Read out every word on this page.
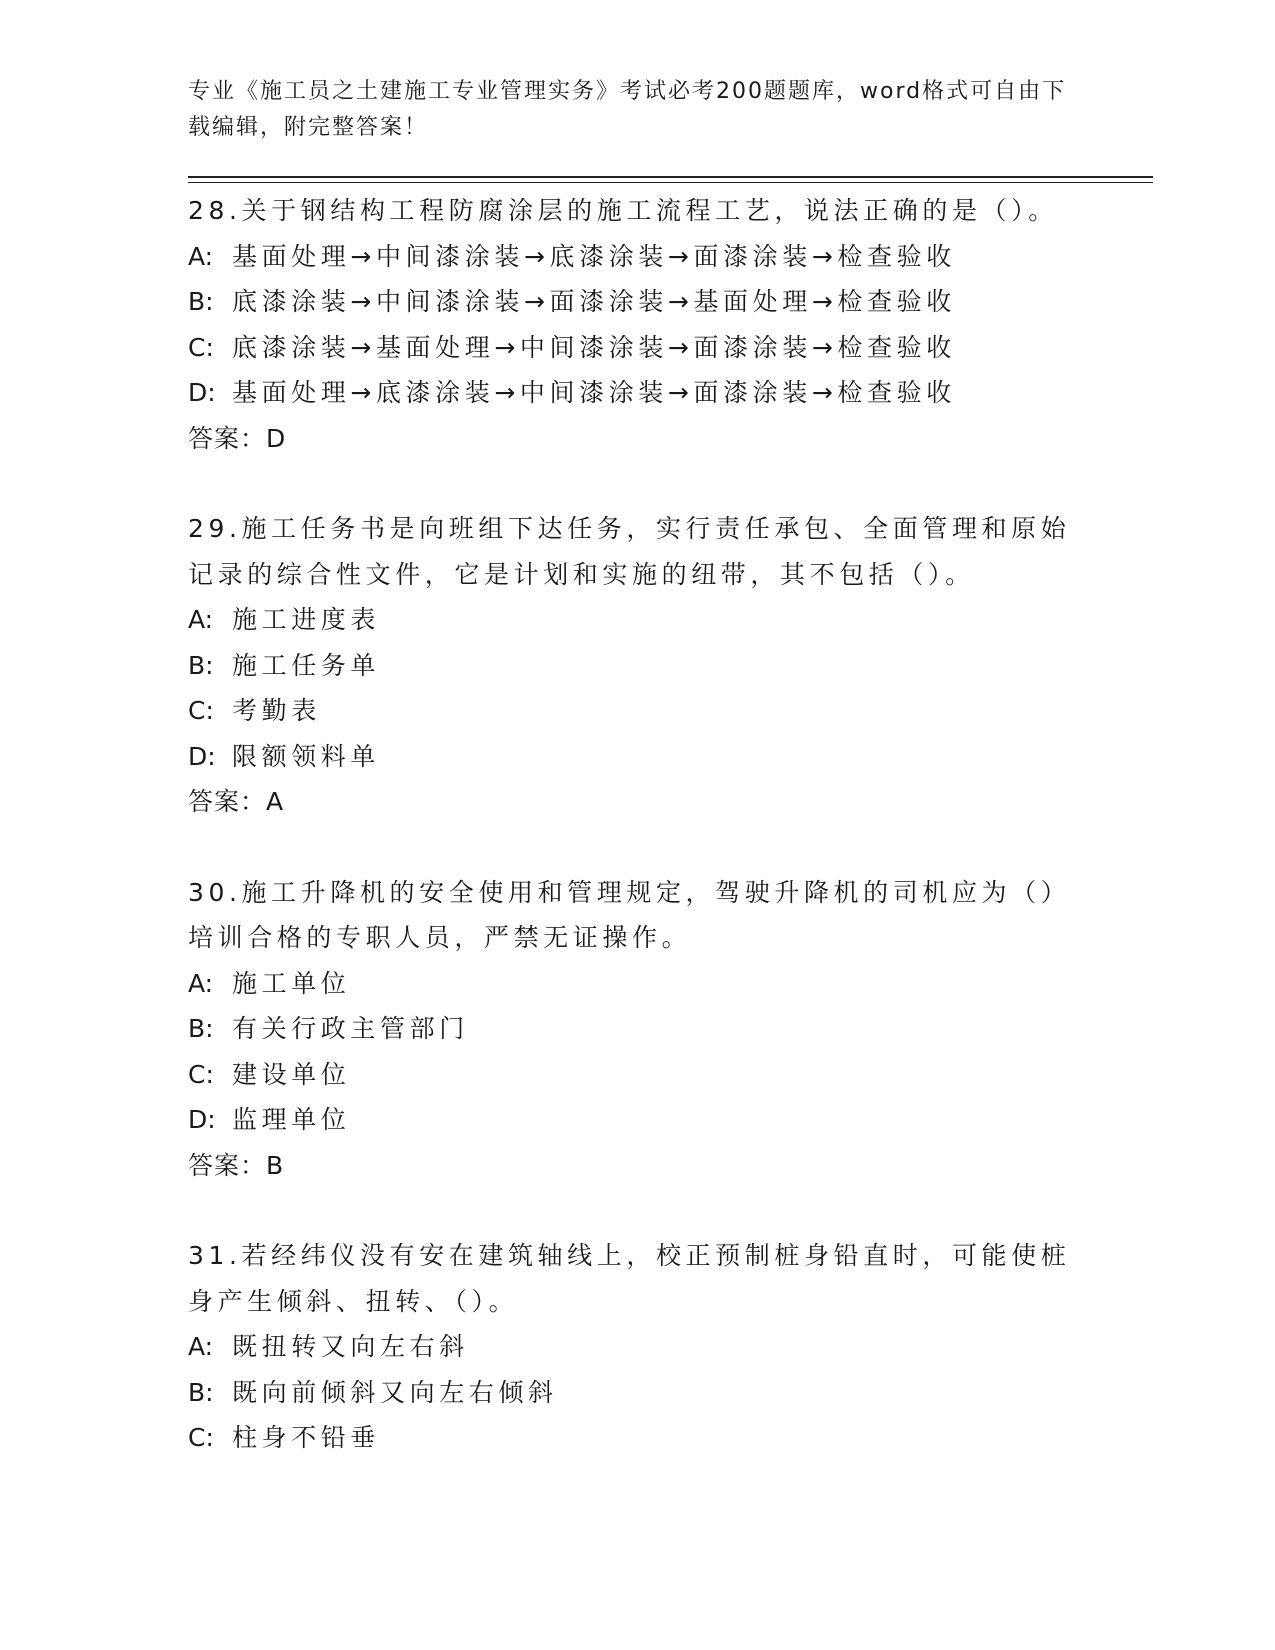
专业《施工员之土建施工专业管理实务》考试必考200题题库，word格式可自由下载编辑，附完整答案！

28.关于钢结构工程防腐涂层的施工流程工艺，说法正确的是（）。

A: 基面处理→中间漆涂装→底漆涂装→面漆涂装→检查验收

B: 底漆涂装→中间漆涂装→面漆涂装→基面处理→检查验收

C: 底漆涂装→基面处理→中间漆涂装→面漆涂装→检查验收

D: 基面处理→底漆涂装→中间漆涂装→面漆涂装→检查验收

答案：D

29.施工任务书是向班组下达任务，实行责任承包、全面管理和原始记录的综合性文件，它是计划和实施的纽带，其不包括（）。

A: 施工进度表

B: 施工任务单

C: 考勤表

D: 限额领料单

答案：A

30.施工升降机的安全使用和管理规定，驾驶升降机的司机应为（）培训合格的专职人员，严禁无证操作。

A: 施工单位

B: 有关行政主管部门

C: 建设单位

D: 监理单位

答案：B

31.若经纬仪没有安在建筑轴线上，校正预制桩身铅直时，可能使桩身产生倾斜、扭转、（）。

A: 既扭转又向左右斜

B: 既向前倾斜又向左右倾斜

C: 柱身不铅垂
